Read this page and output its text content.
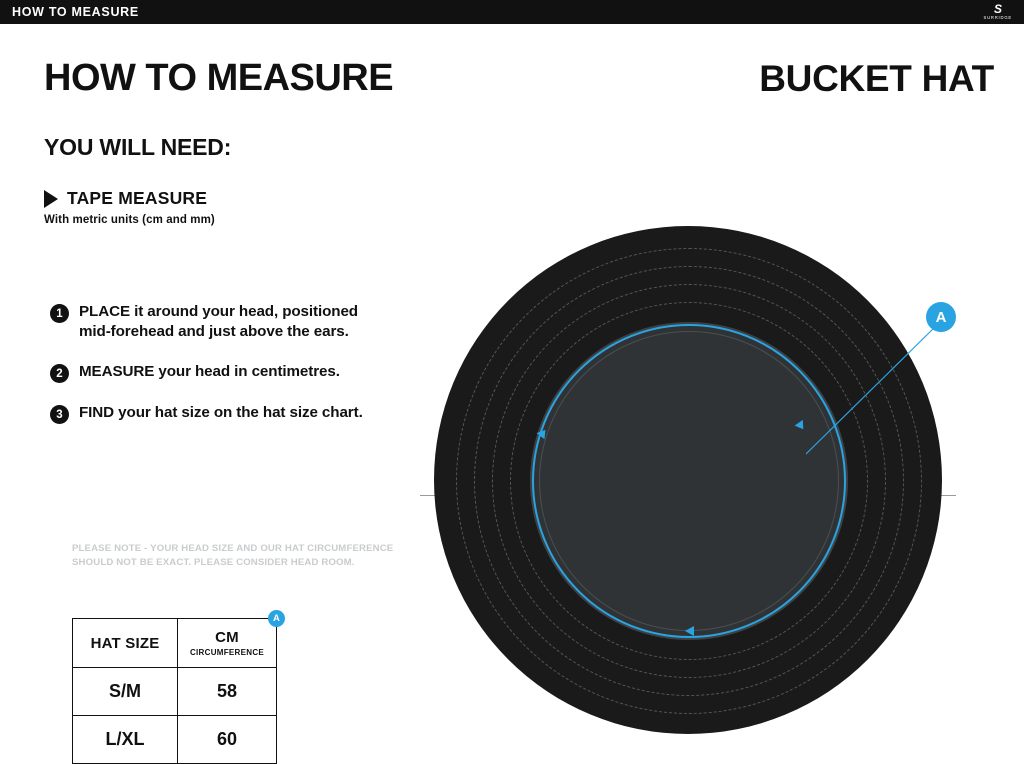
HOW TO MEASURE	S
SURRIDGE
HOW TO MEASURE	BUCKET HAT
YOU WILL NEED:
TAPE MEASURE
With metric units (cm and mm)
1	PLACE it around your head, positioned mid-forehead and just above the ears.
2	MEASURE your head in centimetres.
3	FIND your hat size on the hat size chart.
PLEASE NOTE - YOUR HEAD SIZE AND OUR HAT CIRCUMFERENCE SHOULD NOT BE EXACT. PLEASE CONSIDER HEAD ROOM.
HAT SIZE	CM
CIRCUMFERENCE
A

S/M	58
L/XL	60
A
